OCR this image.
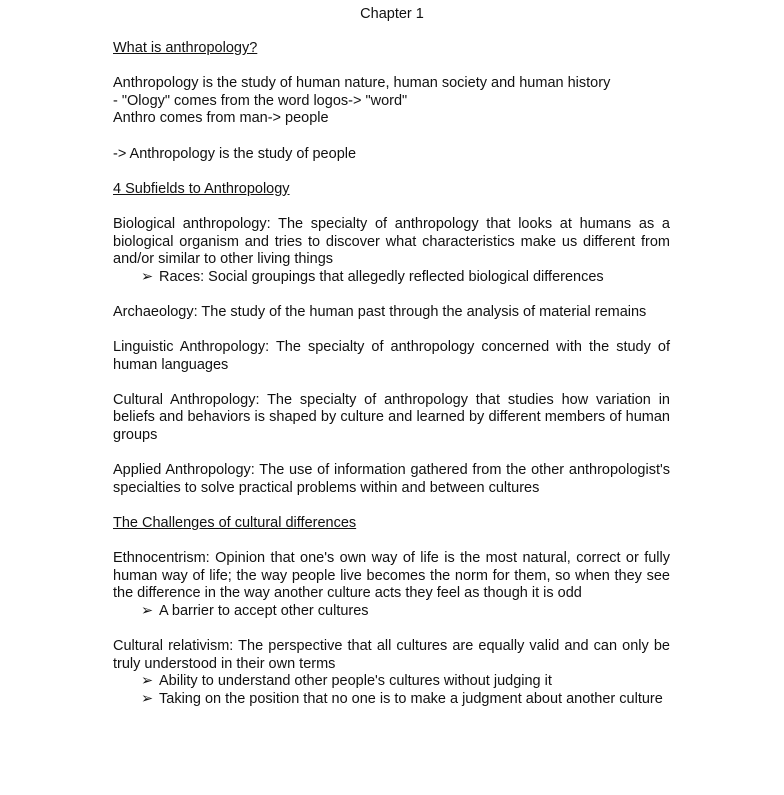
Chapter 1

What is anthropology?

Anthropology is the study of human nature, human society and human history

- "Ology" comes from the word logos-> "word"

Anthro comes from man-> people

-> Anthropology is the study of people

4 Subfields to Anthropology

Biological anthropology: The specialty of anthropology that looks at humans as a biological organism and tries to discover what characteristics make us different from and/or similar to other living things

➢ Races: Social groupings that allegedly reflected biological differences

Archaeology: The study of the human past through the analysis of material remains

Linguistic Anthropology: The specialty of anthropology concerned with the study of human languages

Cultural Anthropology: The specialty of anthropology that studies how variation in beliefs and behaviors is shaped by culture and learned by different members of human groups

Applied Anthropology: The use of information gathered from the other anthropologist's specialties to solve practical problems within and between cultures

The Challenges of cultural differences

Ethnocentrism: Opinion that one's own way of life is the most natural, correct or fully human way of life; the way people live becomes the norm for them, so when they see the difference in the way another culture acts they feel as though it is odd

➢ A barrier to accept other cultures

Cultural relativism: The perspective that all cultures are equally valid and can only be truly understood in their own terms

➢ Ability to understand other people's cultures without judging it
➢ Taking on the position that no one is to make a judgment about another culture
